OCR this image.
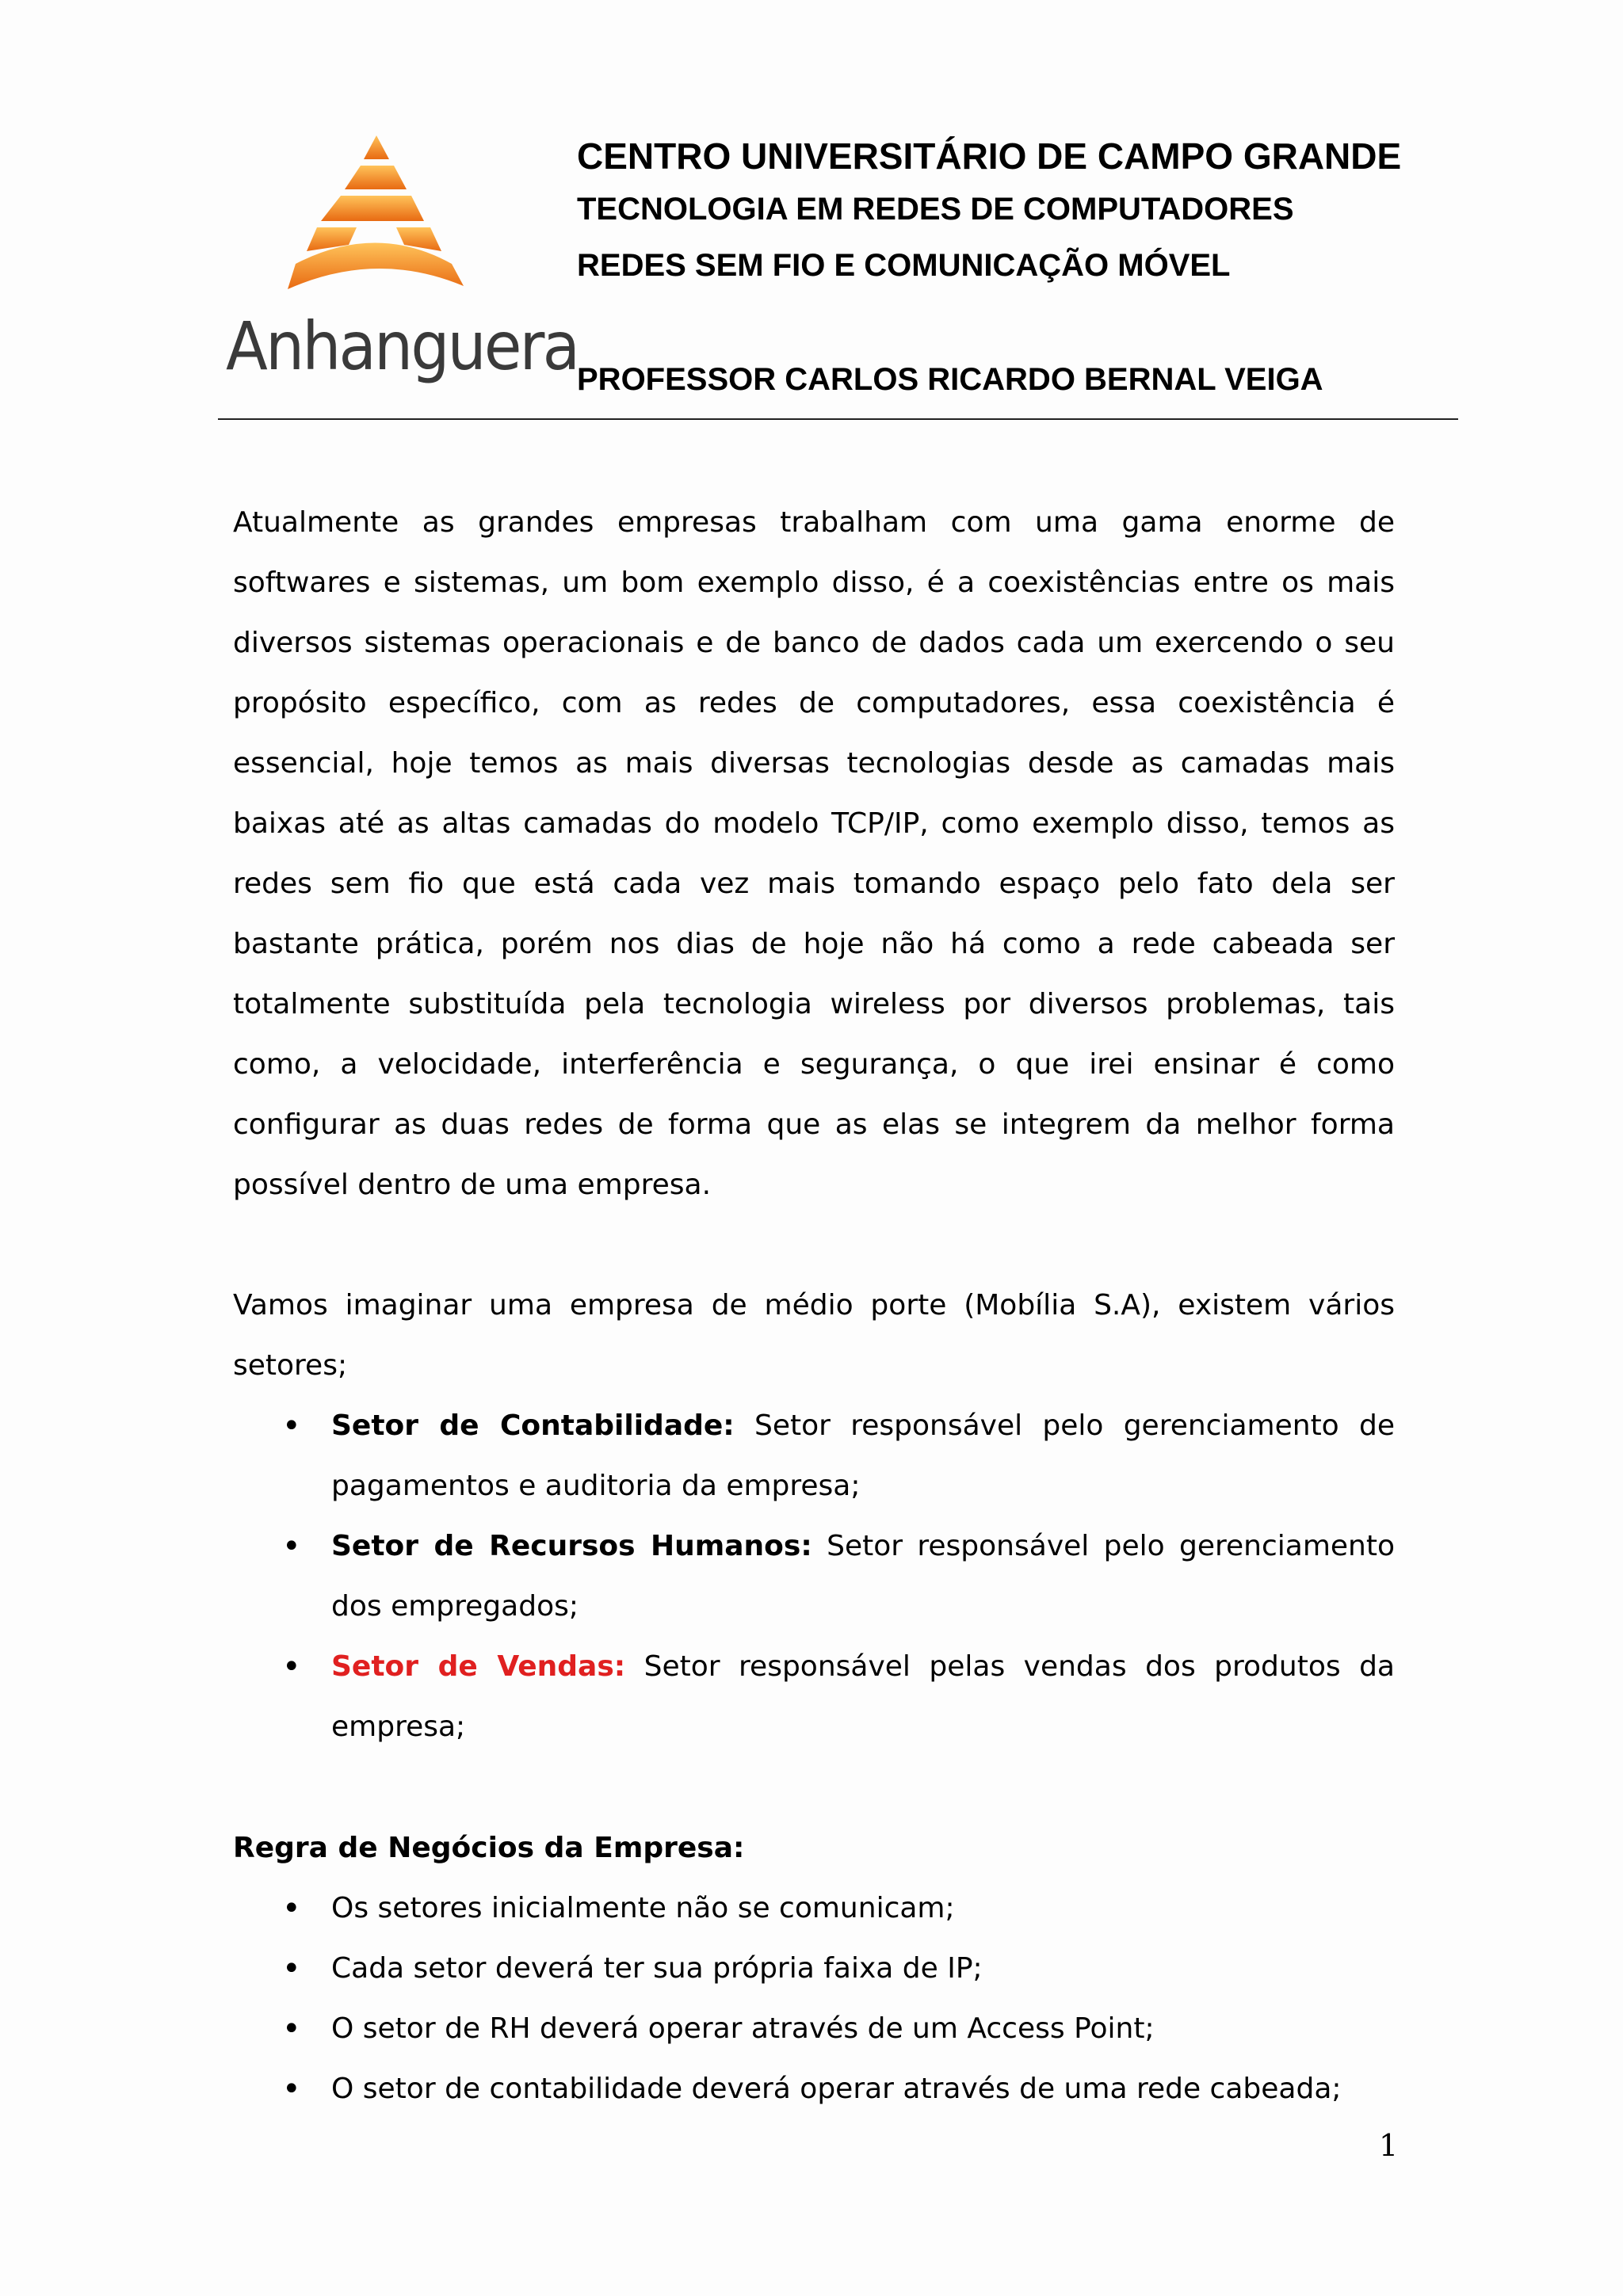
Anhanguera
CENTRO UNIVERSITÁRIO DE CAMPO GRANDE
TECNOLOGIA EM REDES DE COMPUTADORES
REDES SEM FIO E COMUNICAÇÃO MÓVEL
PROFESSOR CARLOS RICARDO BERNAL VEIGA

Atualmente as grandes empresas trabalham com uma gama enorme de softwares e sistemas, um bom exemplo disso, é a coexistências entre os mais diversos sistemas operacionais e de banco de dados cada um exercendo o seu propósito específico, com as redes de computadores, essa coexistência é essencial, hoje temos as mais diversas tecnologias desde as camadas mais baixas até as altas camadas do modelo TCP/IP, como exemplo disso, temos as redes sem fio que está cada vez mais tomando espaço pelo fato dela ser bastante prática, porém nos dias de hoje não há como a rede cabeada ser totalmente substituída pela tecnologia wireless por diversos problemas, tais como, a velocidade, interferência e segurança, o que irei ensinar é como configurar as duas redes de forma que as elas se integrem da melhor forma possível dentro de uma empresa.

Vamos imaginar uma empresa de médio porte (Mobília S.A), existem vários setores;

• Setor de Contabilidade: Setor responsável pelo gerenciamento de pagamentos e auditoria da empresa;
• Setor de Recursos Humanos: Setor responsável pelo gerenciamento dos empregados;
• Setor de Vendas: Setor responsável pelas vendas dos produtos da empresa;
Regra de Negócios da Empresa:
• Os setores inicialmente não se comunicam;
• Cada setor deverá ter sua própria faixa de IP;
• O setor de RH deverá operar através de um Access Point;
• O setor de contabilidade deverá operar através de uma rede cabeada;
1
